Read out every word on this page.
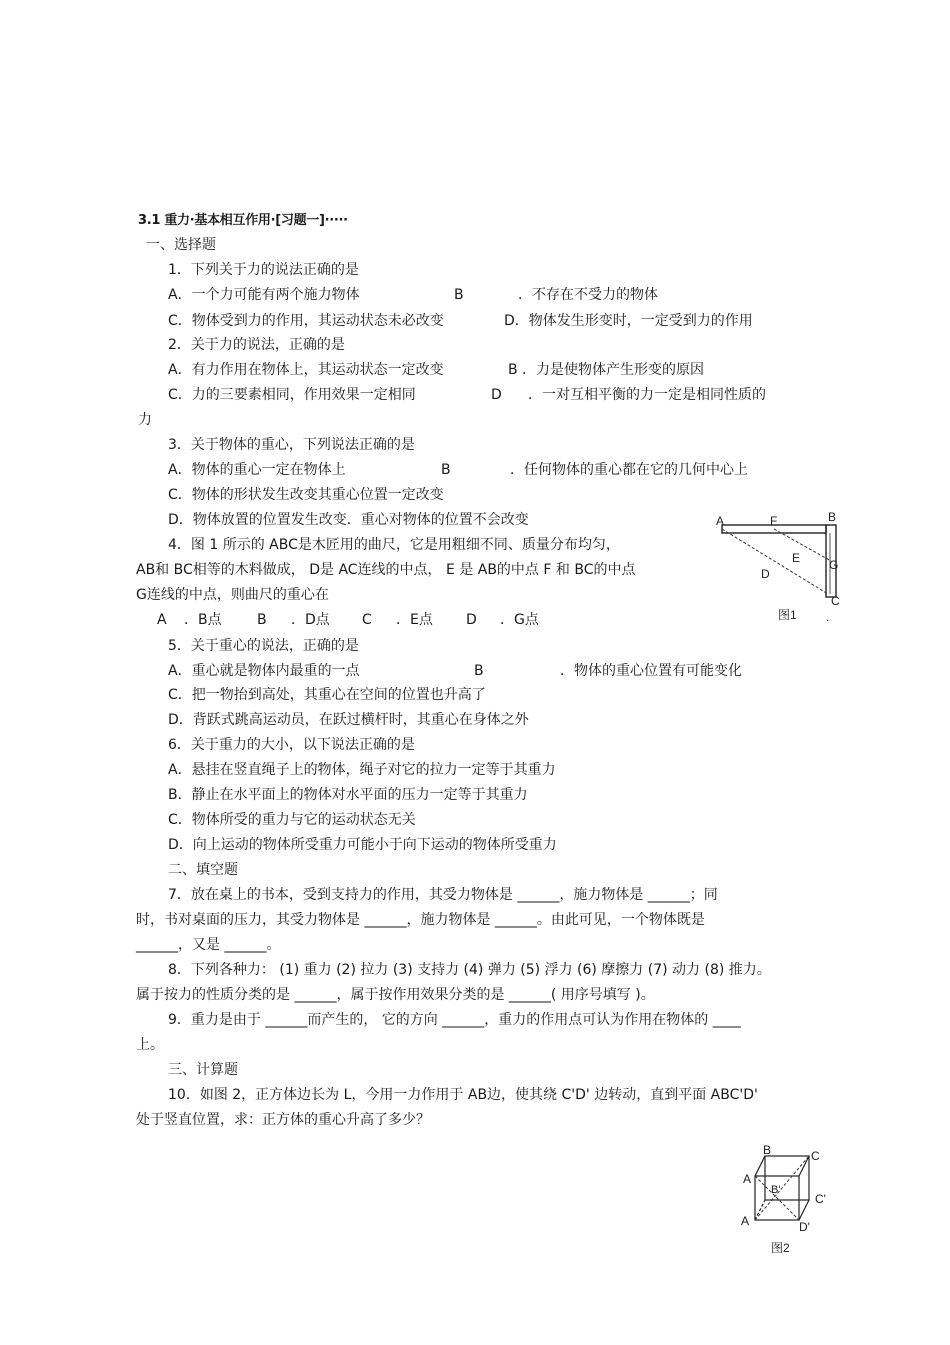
3.1 重力·基本相互作用·[习题一]·····
一、选择题
1．下列关于力的说法正确的是
A．一个力可能有两个施力物体	B	．不存在不受力的物体
C．物体受到力的作用，其运动状态未必改变	D．物体发生形变时，一定受到力的作用
2．关于力的说法，正确的是
A．有力作用在物体上，其运动状态一定改变	B ．力是使物体产生形变的原因
C．力的三要素相同，作用效果一定相同	D ．一对互相平衡的力一定是相同性质的
力
3．关于物体的重心，下列说法正确的是
A．物体的重心一定在物体上	B	．任何物体的重心都在它的几何中心上
C．物体的形状发生改变其重心位置一定改变
D．物体放置的位置发生改变．重心对物体的位置不会改变
4．图 1 所示的 ABC是木匠用的曲尺，它是用粗细不同、质量分布均匀，
AB和 BC相等的木料做成， D是 AC连线的中点， E 是 AB的中点 F 和 BC的中点
G连线的中点，则曲尺的重心在
A ．B点	B ．D点 C ．E点 D ．G点
A	F	B
E G
D
C
图1 .
5．关于重心的说法，正确的是
A．重心就是物体内最重的一点	B	．物体的重心位置有可能变化
C．把一物抬到高处，其重心在空间的位置也升高了
D．背跃式跳高运动员，在跃过横杆时，其重心在身体之外
6．关于重力的大小，以下说法正确的是
A．悬挂在竖直绳子上的物体，绳子对它的拉力一定等于其重力
B．静止在水平面上的物体对水平面的压力一定等于其重力
C．物体所受的重力与它的运动状态无关
D．向上运动的物体所受重力可能小于向下运动的物体所受重力
二、填空题
7．放在桌上的书本，受到支持力的作用，其受力物体是 ______，施力物体是 ______；同
时，书对桌面的压力，其受力物体是 ______，施力物体是 ______。由此可见，一个物体既是
______，又是 ______。
8．下列各种力： (1) 重力 (2) 拉力 (3) 支持力 (4) 弹力 (5) 浮力 (6) 摩擦力 (7) 动力 (8) 推力。
属于按力的性质分类的是 ______，属于按作用效果分类的是 ______( 用序号填写 )。
9．重力是由于 ______而产生的， 它的方向 ______，重力的作用点可认为作用在物体的 ____
上。
三、计算题
10．如图 2，正方体边长为 L，今用一力作用于 AB边，使其绕 C'D' 边转动，直到平面 ABC'D'
处于竖直位置，求：正方体的重心升高了多少？
B	C
A
B'
C'
A	D'
图2
